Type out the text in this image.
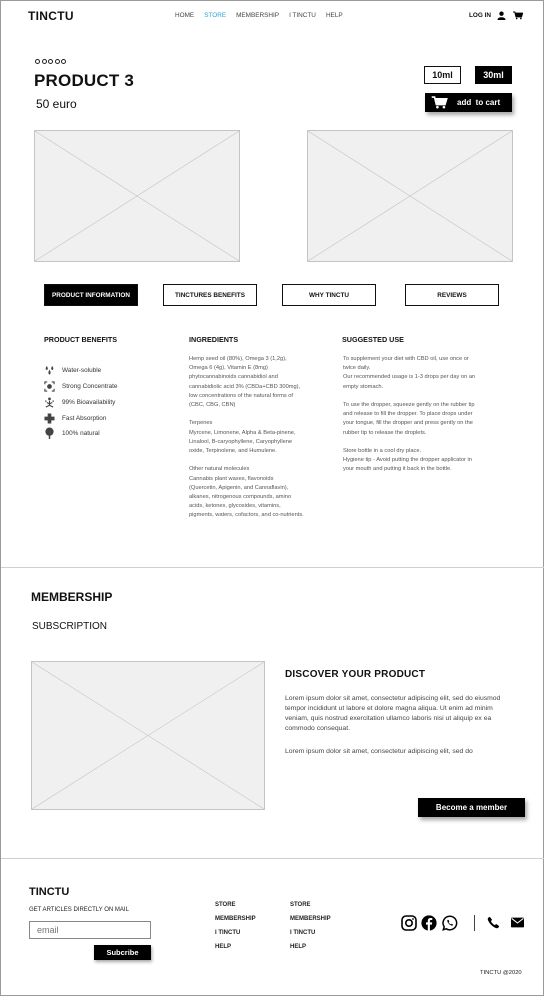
TINCTU	HOME STORE MEMBERSHIP I TINCTU HELP	LOG IN
PRODUCT 3
50 euro
10ml	30ml
add  to cart
PRODUCT INFORMATION	TINCTURES BENEFITS	WHY TINCTU	REVIEWS
PRODUCT BENEFITS	INGREDIENTS	SUGGESTED USE
Water-soluble
Strong Concentrate
99% Bioavailability
Fast Absorption
100% natural
Hemp seed oil (80%), Omega 3 (1,2g),
Omega 6 (4g), Vitamin E (8mg)
phytocannabinoids cannabidiol and
cannabidiolic acid 3% (CBDa+CBD 300mg),
low concentrations of the natural forms of
(CBC, CBG, CBN)
Terpenes
Myrcene, Limonene, Alpha & Beta-pinene,
Linalool, B-caryophyllene, Caryophyllene
oxide, Terpinolene, and Humulene.
Other natural molecules
Cannabis plant waxes, flavonoids
(Quercetin, Apigenin, and Cannaflavin),
alkanes, nitrogenous compounds, amino
acids, ketones, glycosides, vitamins,
pigments, waters, cofactors, and co-nutrients.
To supplement your diet with CBD oil, use once or
twice daily.
Our recommended usage is 1-3 drops per day on an
empty stomach.
To use the dropper, squeeze gently on the rubber tip
and release to fill the dropper. To place drops under
your tongue, fill the dropper and press gently on the
rubber tip to release the droplets.
Store bottle in a cool dry place.
Hygiene tip - Avoid putting the dropper applicator in
your mouth and putting it back in the bottle.
MEMBERSHIP
SUBSCRIPTION
DISCOVER YOUR PRODUCT
Lorem ipsum dolor sit amet, consectetur adipiscing elit, sed do eiusmod tempor incididunt ut labore et dolore magna aliqua. Ut enim ad minim veniam, quis nostrud exercitation ullamco laboris nisi ut aliquip ex ea commodo consequat.
Lorem ipsum dolor sit amet, consectetur adipiscing elit, sed do
Become a member
TINCTU
GET ARTICLES DIRECTLY ON MAIL
email
Subcribe
STORE
MEMBERSHIP
I TINCTU
HELP
STORE
MEMBERSHIP
I TINCTU
HELP
TINCTU @2020
